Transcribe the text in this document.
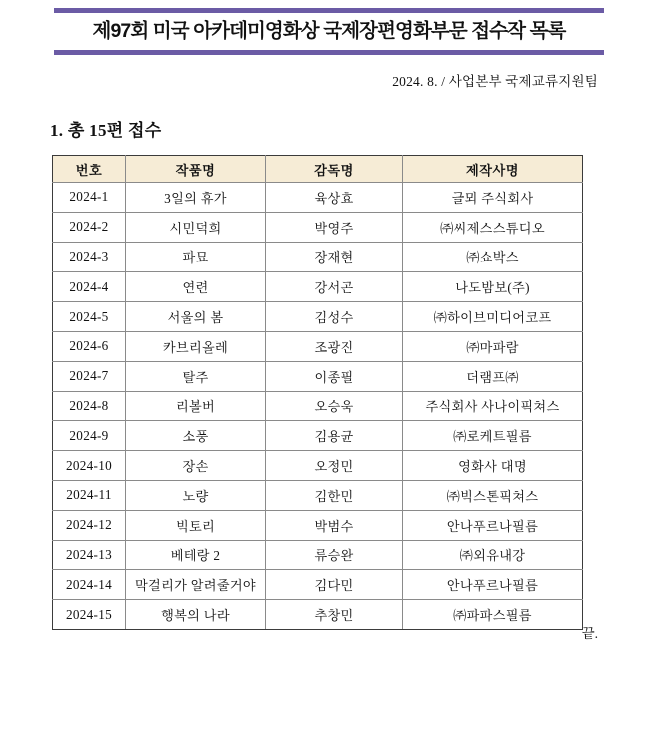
제97회 미국 아카데미영화상 국제장편영화부문 접수작 목록
2024. 8. / 사업본부 국제교류지원팀
1. 총 15편 접수
번호	작품명	감독명	제작사명
2024-1	3일의 휴가	육상효	글뫼 주식회사
2024-2	시민덕희	박영주	㈜씨제스스튜디오
2024-3	파묘	장재현	㈜쇼박스
2024-4	연련	강서곤	나도밤보(주)
2024-5	서울의 봄	김성수	㈜하이브미디어코프
2024-6	카브리올레	조광진	㈜마파람
2024-7	탈주	이종필	더램프㈜
2024-8	리볼버	오승욱	주식회사 사나이픽쳐스
2024-9	소풍	김용균	㈜로케트필름
2024-10	장손	오정민	영화사 대명
2024-11	노량	김한민	㈜빅스톤픽쳐스
2024-12	빅토리	박범수	안나푸르나필름
2024-13	베테랑 2	류승완	㈜외유내강
2024-14	막걸리가 알려줄거야	김다민	안나푸르나필름
2024-15	행복의 나라	추창민	㈜파파스필름
끝.
